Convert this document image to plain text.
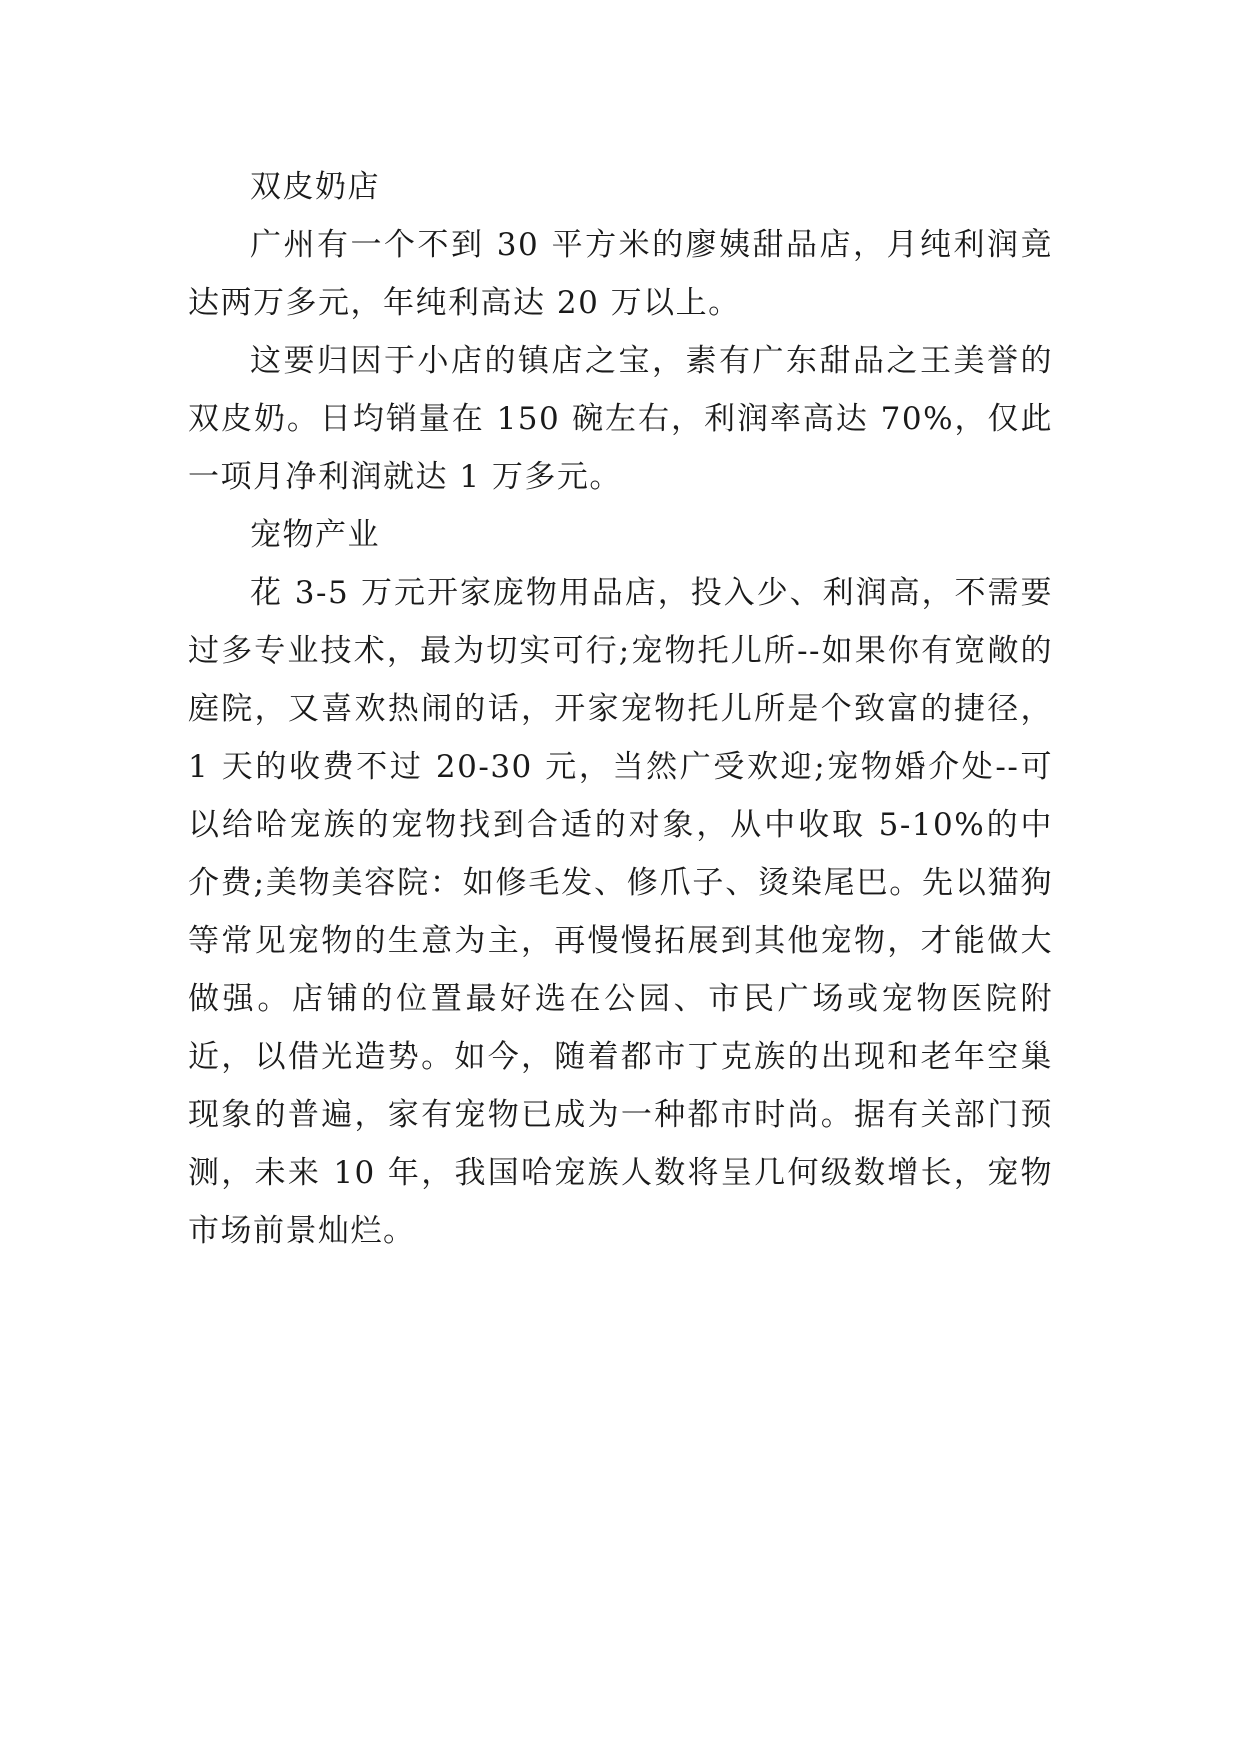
双皮奶店

广州有一个不到 30 平方米的廖姨甜品店，月纯利润竟达两万多元，年纯利高达 20 万以上。

这要归因于小店的镇店之宝，素有广东甜品之王美誉的双皮奶。日均销量在 150 碗左右，利润率高达 70%，仅此一项月净利润就达 1 万多元。

宠物产业

花 3-5 万元开家庞物用品店，投入少、利润高，不需要过多专业技术，最为切实可行;宠物托儿所--如果你有宽敞的庭院，又喜欢热闹的话，开家宠物托儿所是个致富的捷径，1 天的收费不过 20-30 元，当然广受欢迎;宠物婚介处--可以给哈宠族的宠物找到合适的对象，从中收取 5-10%的中介费;美物美容院：如修毛发、修爪子、烫染尾巴。先以猫狗等常见宠物的生意为主，再慢慢拓展到其他宠物，才能做大做强。店铺的位置最好选在公园、市民广场或宠物医院附近，以借光造势。如今，随着都市丁克族的出现和老年空巢现象的普遍，家有宠物已成为一种都市时尚。据有关部门预测，未来 10 年，我国哈宠族人数将呈几何级数增长，宠物市场前景灿烂。
